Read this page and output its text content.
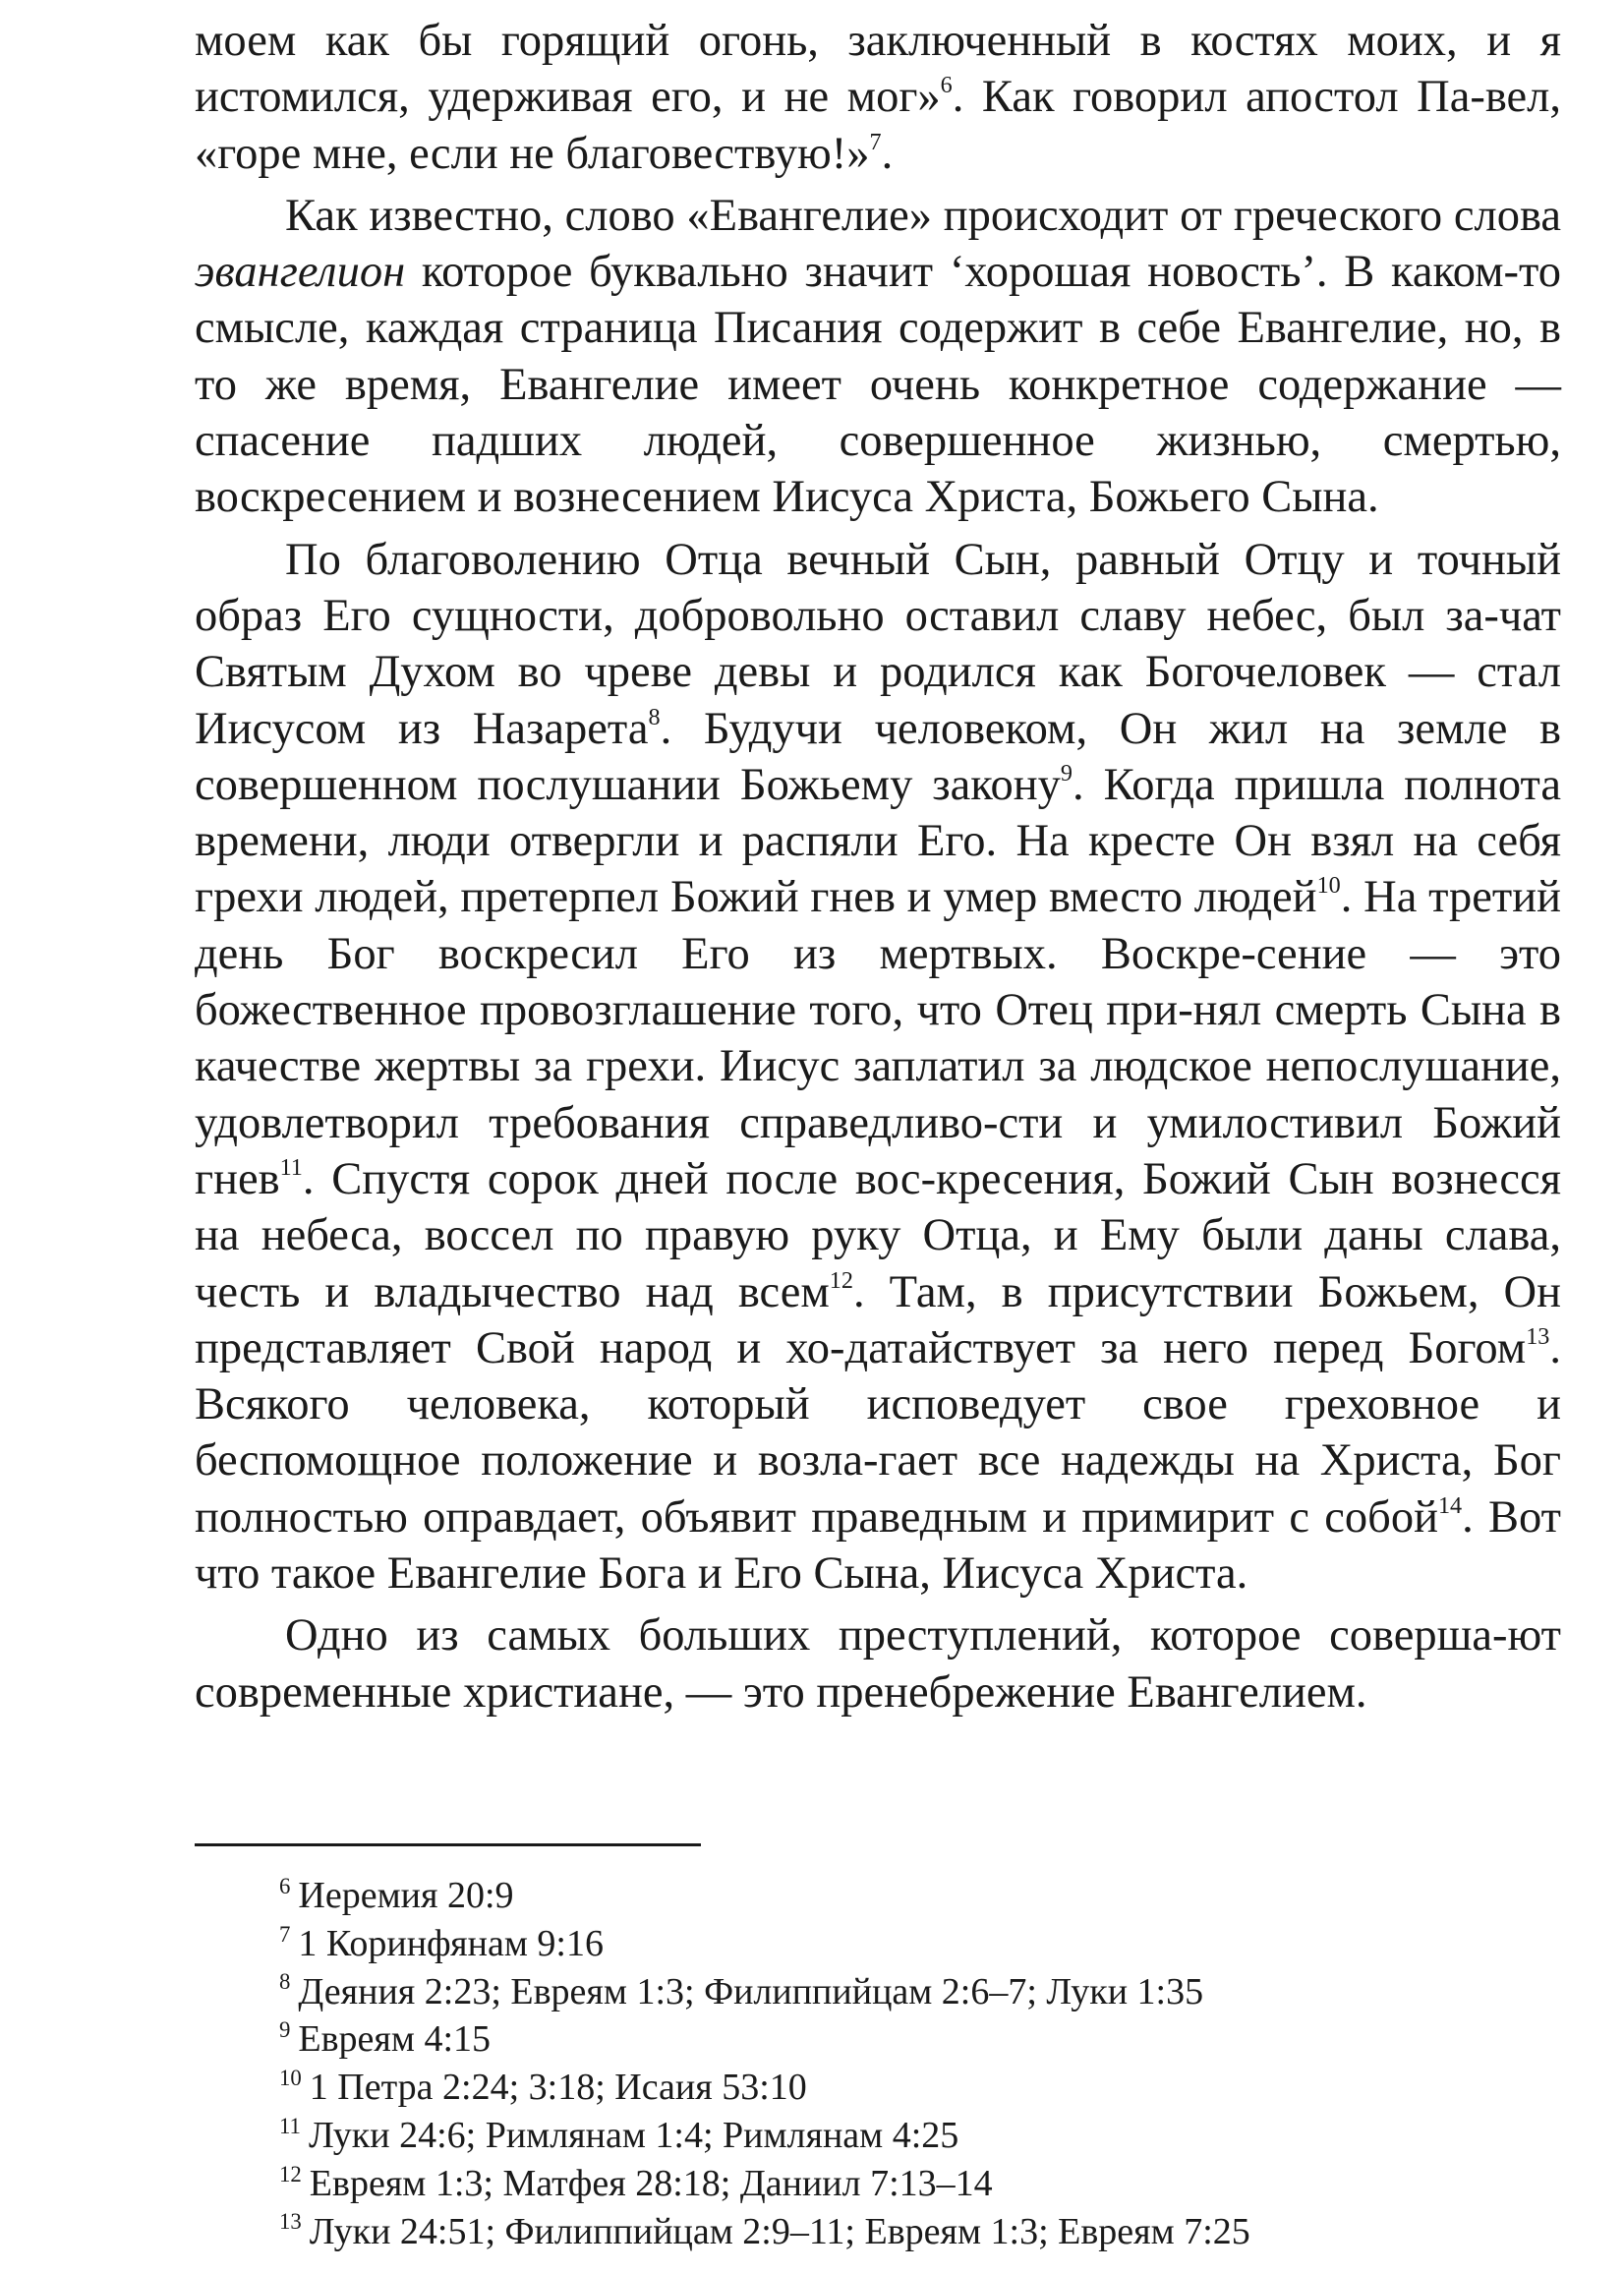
моем как бы горящий огонь, заключенный в костях моих, и я истомился, удерживая его, и не мог»$^6$. Как говорил апостол Па-вел, «горе мне, если не благовествую!»$^7$.

Как известно, слово «Евангелие» происходит от греческого слова эвангелион которое буквально значит ‘хорошая новость’. В каком-то смысле, каждая страница Писания содержит в себе Евангелие, но, в то же время, Евангелие имеет очень конкретное содержание — спасение падших людей, совершенное жизнью, смертью, воскресением и вознесением Иисуса Христа, Божьего Сына.

По благоволению Отца вечный Сын, равный Отцу и точный образ Его сущности, добровольно оставил славу небес, был за-чат Святым Духом во чреве девы и родился как Богочеловек — стал Иисусом из Назарета$^8$. Будучи человеком, Он жил на земле в совершенном послушании Божьему закону$^9$. Когда пришла полнота времени, люди отвергли и распяли Его. На кресте Он взял на себя грехи людей, претерпел Божий гнев и умер вместо людей$^{10}$. На третий день Бог воскресил Его из мертвых. Воскре-сение — это божественное провозглашение того, что Отец при-нял смерть Сына в качестве жертвы за грехи. Иисус заплатил за людское непослушание, удовлетворил требования справедливо-сти и умилостивил Божий гнев$^{11}$. Спустя сорок дней после вос-кресения, Божий Сын вознесся на небеса, воссел по правую руку Отца, и Ему были даны слава, честь и владычество над всем$^{12}$. Там, в присутствии Божьем, Он представляет Свой народ и хо-датайствует за него перед Богом$^{13}$. Всякого человека, который исповедует свое греховное и беспомощное положение и возла-гает все надежды на Христа, Бог полностью оправдает, объявит праведным и примирит с собой$^{14}$. Вот что такое Евангелие Бога и Его Сына, Иисуса Христа.

Одно из самых больших преступлений, которое соверша-ют современные христиане, — это пренебрежение Евангелием.

$^6$ Иеремия 20:9
$^7$ 1 Коринфянам 9:16
$^8$ Деяния 2:23; Евреям 1:3; Филиппийцам 2:6–7; Луки 1:35
$^9$ Евреям 4:15
$^{10}$ 1 Петра 2:24; 3:18; Исаия 53:10
$^{11}$ Луки 24:6; Римлянам 1:4; Римлянам 4:25
$^{12}$ Евреям 1:3; Матфея 28:18; Даниил 7:13–14
$^{13}$ Луки 24:51; Филиппийцам 2:9–11; Евреям 1:3; Евреям 7:25
